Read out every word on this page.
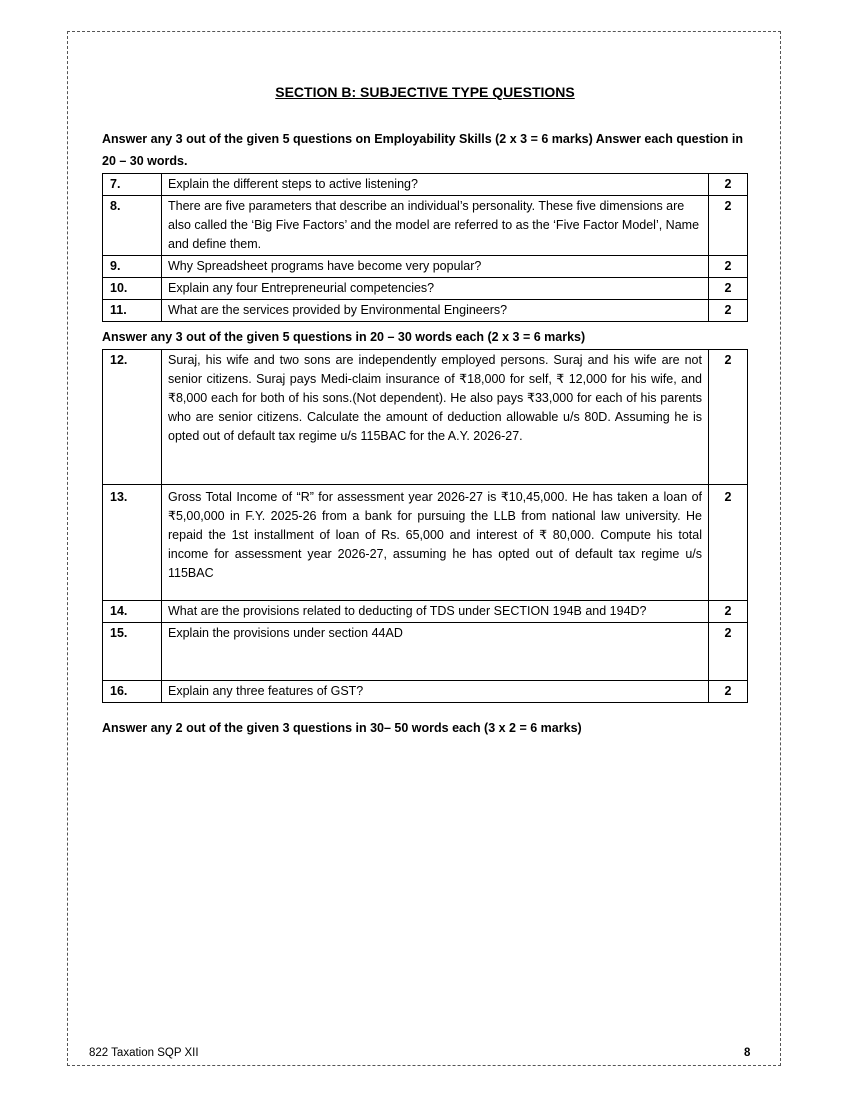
SECTION B: SUBJECTIVE TYPE QUESTIONS
Answer any 3 out of the given 5 questions on Employability Skills (2 x 3 = 6 marks) Answer each question in 20 – 30 words.
7.	Explain the different steps to active listening?	2
8.	There are five parameters that describe an individual’s personality. These five dimensions are also called the ‘Big Five Factors’ and the model are referred to as the ‘Five Factor Model’, Name and define them.	2
9.	Why Spreadsheet programs have become very popular?	2
10.	Explain any four Entrepreneurial competencies?	2
11.	What are the services provided by Environmental Engineers?	2
Answer any 3 out of the given 5 questions in 20 – 30 words each (2 x 3 = 6 marks)
12.	Suraj, his wife and two sons are independently employed persons. Suraj and his wife are not senior citizens. Suraj pays Medi-claim insurance of ₹18,000 for self, ₹ 12,000 for his wife, and ₹8,000 each for both of his sons.(Not dependent). He also pays ₹33,000 for each of his parents who are senior citizens. Calculate the amount of deduction allowable u/s 80D. Assuming he is opted out of default tax regime u/s 115BAC for the A.Y. 2026-27.	2
13.	Gross Total Income of “R” for assessment year 2026-27 is ₹10,45,000. He has taken a loan of ₹5,00,000 in F.Y. 2025-26 from a bank for pursuing the LLB from national law university. He repaid the 1st installment of loan of Rs. 65,000 and interest of ₹ 80,000. Compute his total income for assessment year 2026-27, assuming he has opted out of default tax regime u/s 115BAC	2
14.	What are the provisions related to deducting of TDS under SECTION 194B and 194D?	2
15.	Explain the provisions under section 44AD	2
16.	Explain any three features of GST?	2
Answer any 2 out of the given 3 questions in 30– 50 words each (3 x 2 = 6 marks)
822 Taxation SQP XII	8
